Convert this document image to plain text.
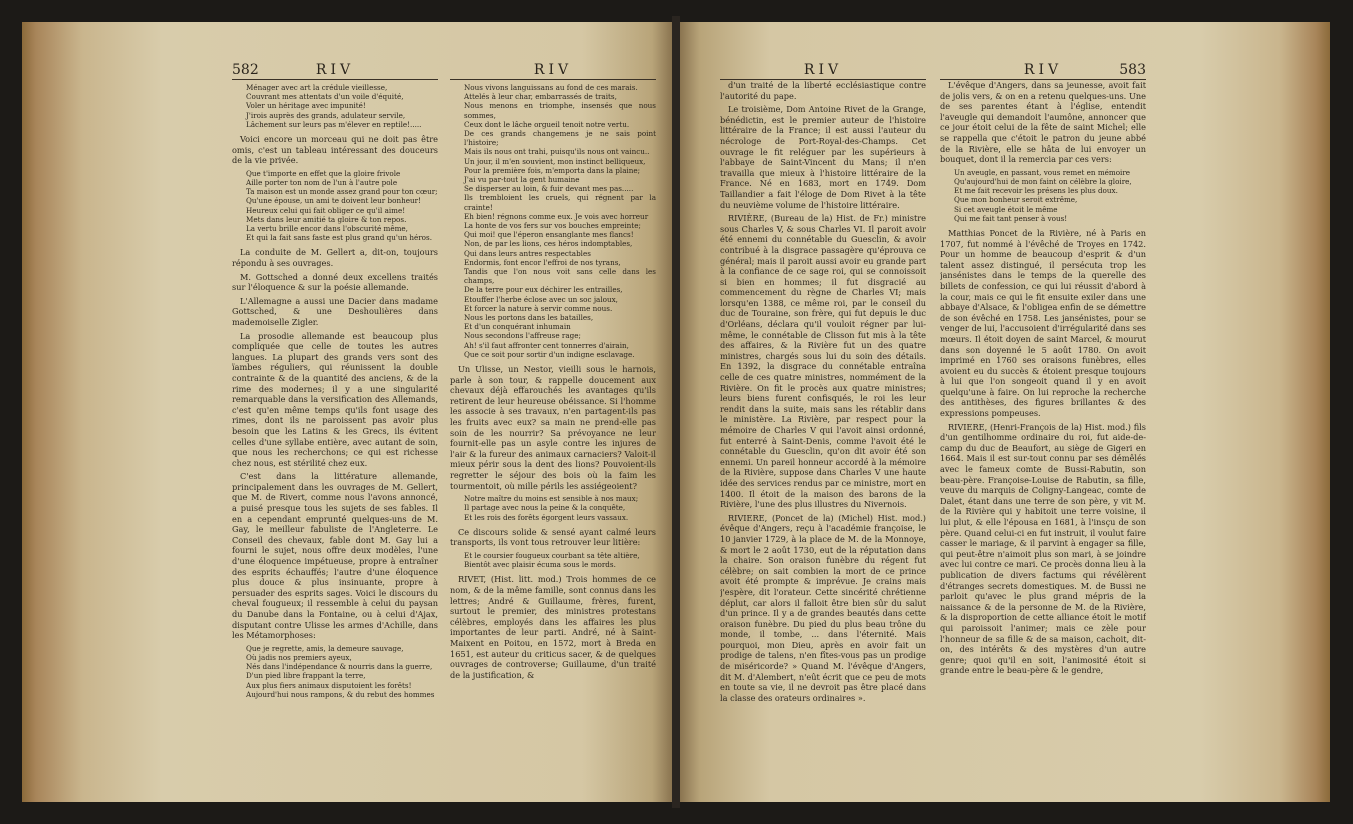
582	RIV	RIV
Ménager avec art la crédule vieillesse,
Couvrant mes attentats d'un voile d'équité,
Voler un héritage avec impunité!
J'irois auprès des grands, adulateur servile,
Lâchement sur leurs pas m'élever en reptile!.....

Voici encore un morceau qui ne doit pas être omis, c'est un tableau intéressant des douceurs de la vie privée.

Que t'importe en effet que la gloire frivole
Aille porter ton nom de l'un à l'autre pole
Ta maison est un monde assez grand pour ton cœur;
Qu'une épouse, un ami te doivent leur bonheur!
Heureux celui qui fait obliger ce qu'il aime!
Mets dans leur amitié ta gloire & ton repos.
La vertu brille encor dans l'obscurité même,
Et qui la fait sans faste est plus grand qu'un héros.

La conduite de M. Gellert a, dit-on, toujours répondu à ses ouvrages.

M. Gottsched a donné deux excellens traités sur l'éloquence & sur la poésie allemande.

L'Allemagne a aussi une Dacier dans madame Gottsched, & une Deshoulières dans mademoiselle Zigler.

La prosodie allemande est beaucoup plus compliquée que celle de toutes les autres langues. La plupart des grands vers sont des ïambes réguliers, qui réunissent la double contrainte & de la quantité des anciens, & de la rime des modernes; il y a une singularité remarquable dans la versification des Allemands, c'est qu'en même temps qu'ils font usage des rimes, dont ils ne paroissent pas avoir plus besoin que les Latins & les Grecs, ils évitent celles d'une syllabe entière, avec autant de soin, que nous les recherchons; ce qui est richesse chez nous, est stérilité chez eux.

C'est dans la littérature allemande, principalement dans les ouvrages de M. Gellert, que M. de Rivert, comme nous l'avons annoncé, a puisé presque tous les sujets de ses fables. Il en a cependant emprunté quelques-uns de M. Gay, le meilleur fabuliste de l'Angleterre. Le Conseil des chevaux, fable dont M. Gay lui a fourni le sujet, nous offre deux modèles, l'une d'une éloquence impétueuse, propre à entraîner des esprits échauffés; l'autre d'une éloquence plus douce & plus insinuante, propre à persuader des esprits sages. Voici le discours du cheval fougueux; il ressemble à celui du paysan du Danube dans la Fontaine, ou à celui d'Ajax, disputant contre Ulisse les armes d'Achille, dans les Métamorphoses:

Que je regrette, amis, la demeure sauvage,
Où jadis nos premiers ayeux,
Nés dans l'indépendance & nourris dans la guerre,
D'un pied libre frappant la terre,
Aux plus fiers animaux disputoient les forêts!
Aujourd'hui nous rampons, & du rebut des hommes
Nous vivons languissans au fond de ces marais.
Attelés à leur char, embarrassés de traits,
Nous menons en triomphe, insensés que nous sommes,
Ceux dont le lâche orgueil tenoit notre vertu.
De ces grands changemens je ne sais point l'histoire;
Mais ils nous ont trahi, puisqu'ils nous ont vaincu..
Un jour, il m'en souvient, mon instinct belliqueux,
Pour la première fois, m'emporta dans la plaine;
J'ai vu par-tout la gent humaine
Se disperser au loin, & fuir devant mes pas.....
Ils trembloient les cruels, qui régnent par la crainte!
Eh bien! régnons comme eux. Je vois avec horreur
La honte de vos fers sur vos bouches empreinte;
Qui moi! que l'éperon ensanglante mes flancs!
Non, de par les lions, ces héros indomptables,
Qui dans leurs antres respectables
Endormis, font encor l'effroi de nos tyrans,
Tandis que l'on nous voit sans celle dans les champs,
De la terre pour eux déchirer les entrailles,
Etouffer l'herbe éclose avec un soc jaloux,
Et forcer la nature à servir comme nous.
Nous les portons dans les batailles,
Et d'un conquérant inhumain
Nous secondons l'affreuse rage;
Ah! s'il faut affronter cent tonnerres d'airain,
Que ce soit pour sortir d'un indigne esclavage.

Un Ulisse, un Nestor, vieilli sous le harnois, parle à son tour, & rappelle doucement aux chevaux déjà effarouchés les avantages qu'ils retirent de leur heureuse obéissance. Si l'homme les associe à ses travaux, n'en partagent-ils pas les fruits avec eux? sa main ne prend-elle pas soin de les nourrir? Sa prévoyance ne leur fournit-elle pas un asyle contre les injures de l'air & la fureur des animaux carnaciers? Valoit-il mieux périr sous la dent des lions? Pouvoient-ils regretter le séjour des bois où la faim les tourmentoit, où mille périls les assiégeoient?

Notre maître du moins est sensible à nos maux;
Il partage avec nous la peine & la conquête,
Et les rois des forêts égorgent leurs vassaux.

Ce discours solide & sensé ayant calmé leurs transports, ils vont tous retrouver leur litière:

Et le coursier fougueux courbant sa tête altière,
Bientôt avec plaisir écuma sous le mords.

RIVET, (Hist. litt. mod.) Trois hommes de ce nom, & de la même famille, sont connus dans les lettres; André & Guillaume, frères, furent, surtout le premier, des ministres protestans célèbres, employés dans les affaires les plus importantes de leur parti. André, né à Saint-Maixent en Poitou, en 1572, mort à Breda en 1651, est auteur du criticus sacer, & de quelques ouvrages de controverse; Guillaume, d'un traité de la justification, &

RIV	RIV	583

d'un traité de la liberté ecclésiastique contre l'autorité du pape.

Le troisième, Dom Antoine Rivet de la Grange, bénédictin, est le premier auteur de l'histoire littéraire de la France; il est aussi l'auteur du nécrologe de Port-Royal-des-Champs. Cet ouvrage le fit reléguer par les supérieurs à l'abbaye de Saint-Vincent du Mans; il n'en travailla que mieux à l'histoire littéraire de la France. Né en 1683, mort en 1749. Dom Taillandier a fait l'éloge de Dom Rivet à la tête du neuvième volume de l'histoire littéraire.

RIVIÈRE, (Bureau de la) Hist. de Fr.) ministre sous Charles V, & sous Charles VI. Il paroit avoir été ennemi du connétable du Guesclin, & avoir contribué à la disgrace passagère qu'éprouva ce général; mais il paroit aussi avoir eu grande part à la confiance de ce sage roi, qui se connoissoit si bien en hommes; il fut disgracié au commencement du règne de Charles VI; mais lorsqu'en 1388, ce même roi, par le conseil du duc de Touraine, son frère, qui fut depuis le duc d'Orléans, déclara qu'il vouloit régner par lui-même, le connétable de Clisson fut mis à la tête des affaires, & la Rivière fut un des quatre ministres, chargés sous lui du soin des détails. En 1392, la disgrace du connétable entraîna celle de ces quatre ministres, nommément de la Rivière. On fit le procès aux quatre ministres; leurs biens furent confisqués, le roi les leur rendit dans la suite, mais sans les rétablir dans le ministère. La Rivière, par respect pour la mémoire de Charles V qui l'avoit ainsi ordonné, fut enterré à Saint-Denis, comme l'avoit été le connétable du Guesclin, qu'on dit avoir été son ennemi. Un pareil honneur accordé à la mémoire de la Rivière, suppose dans Charles V une haute idée des services rendus par ce ministre, mort en 1400. Il étoit de la maison des barons de la Rivière, l'une des plus illustres du Nivernois.

RIVIERE, (Poncet de la) (Michel) Hist. mod.) évêque d'Angers, reçu à l'académie françoise, le 10 janvier 1729, à la place de M. de la Monnoye, & mort le 2 août 1730, eut de la réputation dans la chaire. Son oraison funèbre du régent fut célèbre; on sait combien la mort de ce prince avoit été prompte & imprévue. Je crains mais j'espère, dit l'orateur. Cette sincérité chrétienne déplut, car alors il falloit être bien sûr du salut d'un prince. Il y a de grandes beautés dans cette oraison funèbre. Du pied du plus beau trône du monde, il tombe, ... dans l'éternité. Mais pourquoi, mon Dieu, après en avoir fait un prodige de talens, n'en fîtes-vous pas un prodige de miséricorde? » Quand M. l'évêque d'Angers, dit M. d'Alembert, n'eût écrit que ce peu de mots en toute sa vie, il ne devroit pas être placé dans la classe des orateurs ordinaires ».

L'évêque d'Angers, dans sa jeunesse, avoit fait de jolis vers, & on en a retenu quelques-uns. Une de ses parentes étant à l'église, entendit l'aveugle qui demandoit l'aumône, annoncer que ce jour étoit celui de la fête de saint Michel; elle se rappella que c'étoit le patron du jeune abbé de la Rivière, elle se hâta de lui envoyer un bouquet, dont il la remercia par ces vers:

Un aveugle, en passant, vous remet en mémoire
Qu'aujourd'hui de mon faint on célèbre la gloire,
Et me fait recevoir les présens les plus doux.
Que mon bonheur seroit extrême,
Si cet aveugle étoit le même
Qui me fait tant penser à vous!

Matthias Poncet de la Rivière, né à Paris en 1707, fut nommé à l'évêché de Troyes en 1742. Pour un homme de beaucoup d'esprit & d'un talent assez distingué, il persécuta trop les jansénistes dans le temps de la querelle des billets de confession, ce qui lui réussit d'abord à la cour, mais ce qui le fit ensuite exiler dans une abbaye d'Alsace, & l'obligea enfin de se démettre de son évêché en 1758. Les jansénistes, pour se venger de lui, l'accusoient d'irrégularité dans ses mœurs. Il étoit doyen de saint Marcel, & mourut dans son doyenné le 5 août 1780. On avoit imprimé en 1760 ses oraisons funèbres, elles avoient eu du succès & étoient presque toujours à lui que l'on songeoit quand il y en avoit quelqu'une à faire. On lui reproche la recherche des antithèses, des figures brillantes & des expressions pompeuses.

RIVIERE, (Henri-François de la) Hist. mod.) fils d'un gentilhomme ordinaire du roi, fut aide-de-camp du duc de Beaufort, au siège de Gigeri en 1664. Mais il est sur-tout connu par ses démêlés avec le fameux comte de Bussi-Rabutin, son beau-père. Françoise-Louise de Rabutin, sa fille, veuve du marquis de Coligny-Langeac, comte de Dalet, étant dans une terre de son père, y vit M. de la Rivière qui y habitoit une terre voisine, il lui plut, & elle l'épousa en 1681, à l'insçu de son père. Quand celui-ci en fut instruit, il voulut faire casser le mariage, & il parvint à engager sa fille, qui peut-être n'aimoit plus son mari, à se joindre avec lui contre ce mari. Ce procès donna lieu à la publication de divers factums qui révélèrent d'étranges secrets domestiques. M. de Bussi ne parloit qu'avec le plus grand mépris de la naissance & de la personne de M. de la Rivière, & la disproportion de cette alliance étoit le motif qui paroissoit l'animer; mais ce zèle pour l'honneur de sa fille & de sa maison, cachoit, dit-on, des intérêts & des mystères d'un autre genre; quoi qu'il en soit, l'animosité étoit si grande entre le beau-père & le gendre,
